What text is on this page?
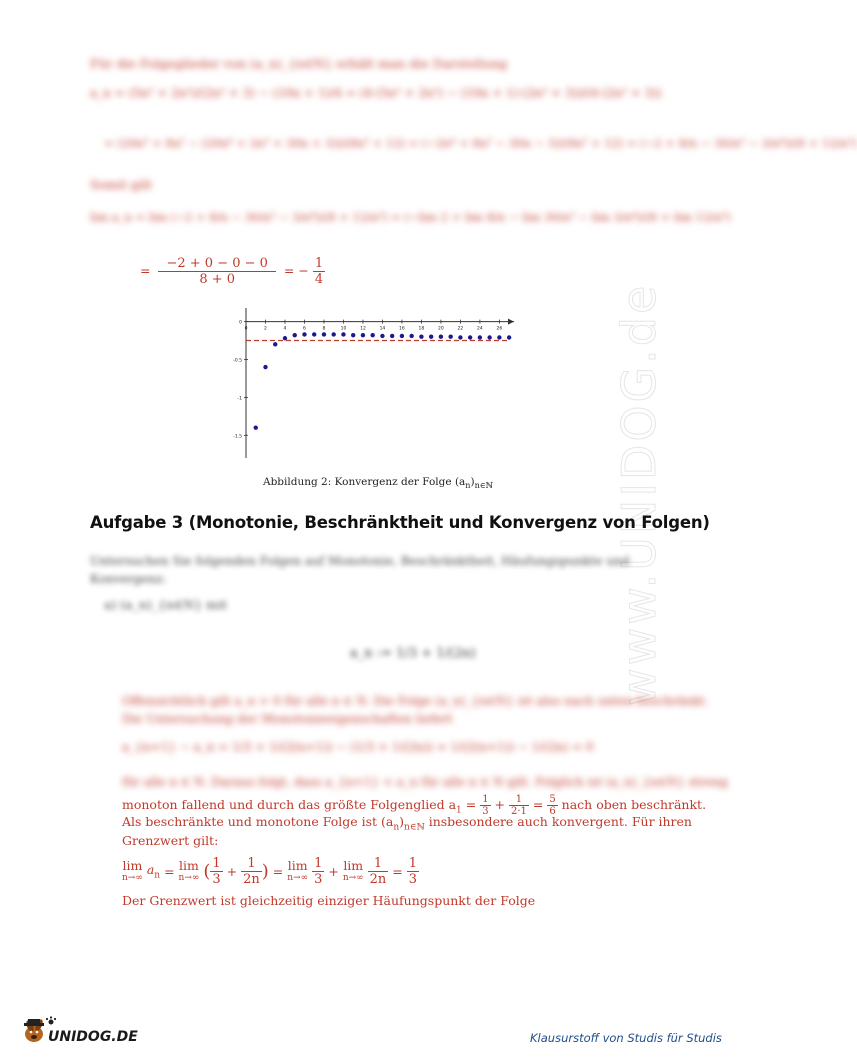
www.UNIDOG.de
Für die Folgeglieder von (a_n)_{n∈N} erhält man die Darstellung
a_n = (5n³ + 2n²)/(2n³ + 3) − (10n + 1)/4 = (4·(5n³ + 2n²) − (10n + 1)·(2n³ + 3))/(4·(2n³ + 3))
= (20n³ + 8n² − (20n⁴ + 2n³ + 30n + 3))/(8n³ + 12) = (−2n⁴ + 8n² − 30n − 3)/(8n³ + 12) = (−2 + 8/n − 30/n³ − 3/n⁴)/(8 + 12/n³)
Somit gilt
lim a_n = lim (−2 + 8/n − 30/n³ − 3/n⁴)/(8 + 12/n³) = (−lim 2 + lim 8/n − lim 30/n³ − lim 3/n⁴)/(8 + lim 12/n³)
= $\frac{-2 + 0 - 0 - 0}{8 + 0}$ = − $\frac{1}{4}$
0	2	4	6	8	10	12	14	16	18	20	22	24	26
0
-0.5
-1
-1.5
Abbildung 2: Konvergenz der Folge $(a_n)_{n\in ℕ}$
Aufgabe 3 (Monotonie, Beschränktheit und Konvergenz von Folgen)
Untersuchen Sie folgenden Folgen auf Monotonie, Beschränktheit, Häufungspunkte und Konvergenz:
a) (a_n)_{n∈N} mit
a_n := 1/3 + 1/(2n)
Offensichtlich gilt a_n > 0 für alle n ∈ N. Die Folge (a_n)_{n∈N} ist also nach unten beschränkt.
Die Untersuchung der Monotonieeigenschaften liefert
a_{n+1} − a_n = 1/3 + 1/(2(n+1)) − (1/3 + 1/(2n)) = 1/(2(n+1)) − 1/(2n) < 0
für alle n ∈ N. Daraus folgt, dass a_{n+1} < a_n für alle n ∈ N gilt. Folglich ist (a_n)_{n∈N} streng
monoton fallend und durch das größte Folgenglied $a_1 = \frac{1}{3} + \frac{1}{2\cdot 1} = \frac{5}{6}$ nach oben beschränkt.
Als beschränkte und monotone Folge ist $(a_n)_{n\in ℕ}$ insbesondere auch konvergent. Für ihren
Grenzwert gilt:
lim
n→∞
$a_n = \lim$
n→∞ ( $\frac{1}{3} + \frac{1}{2n}$ ) = lim
n→∞
$\frac{1}{3} + \lim$
n→∞
$\frac{1}{2n} = \frac{1}{3}$
Der Grenzwert ist gleichzeitig einziger Häufungspunkt der Folge
UNIDOG.DE	Klausurstoff von Studis für Studis
